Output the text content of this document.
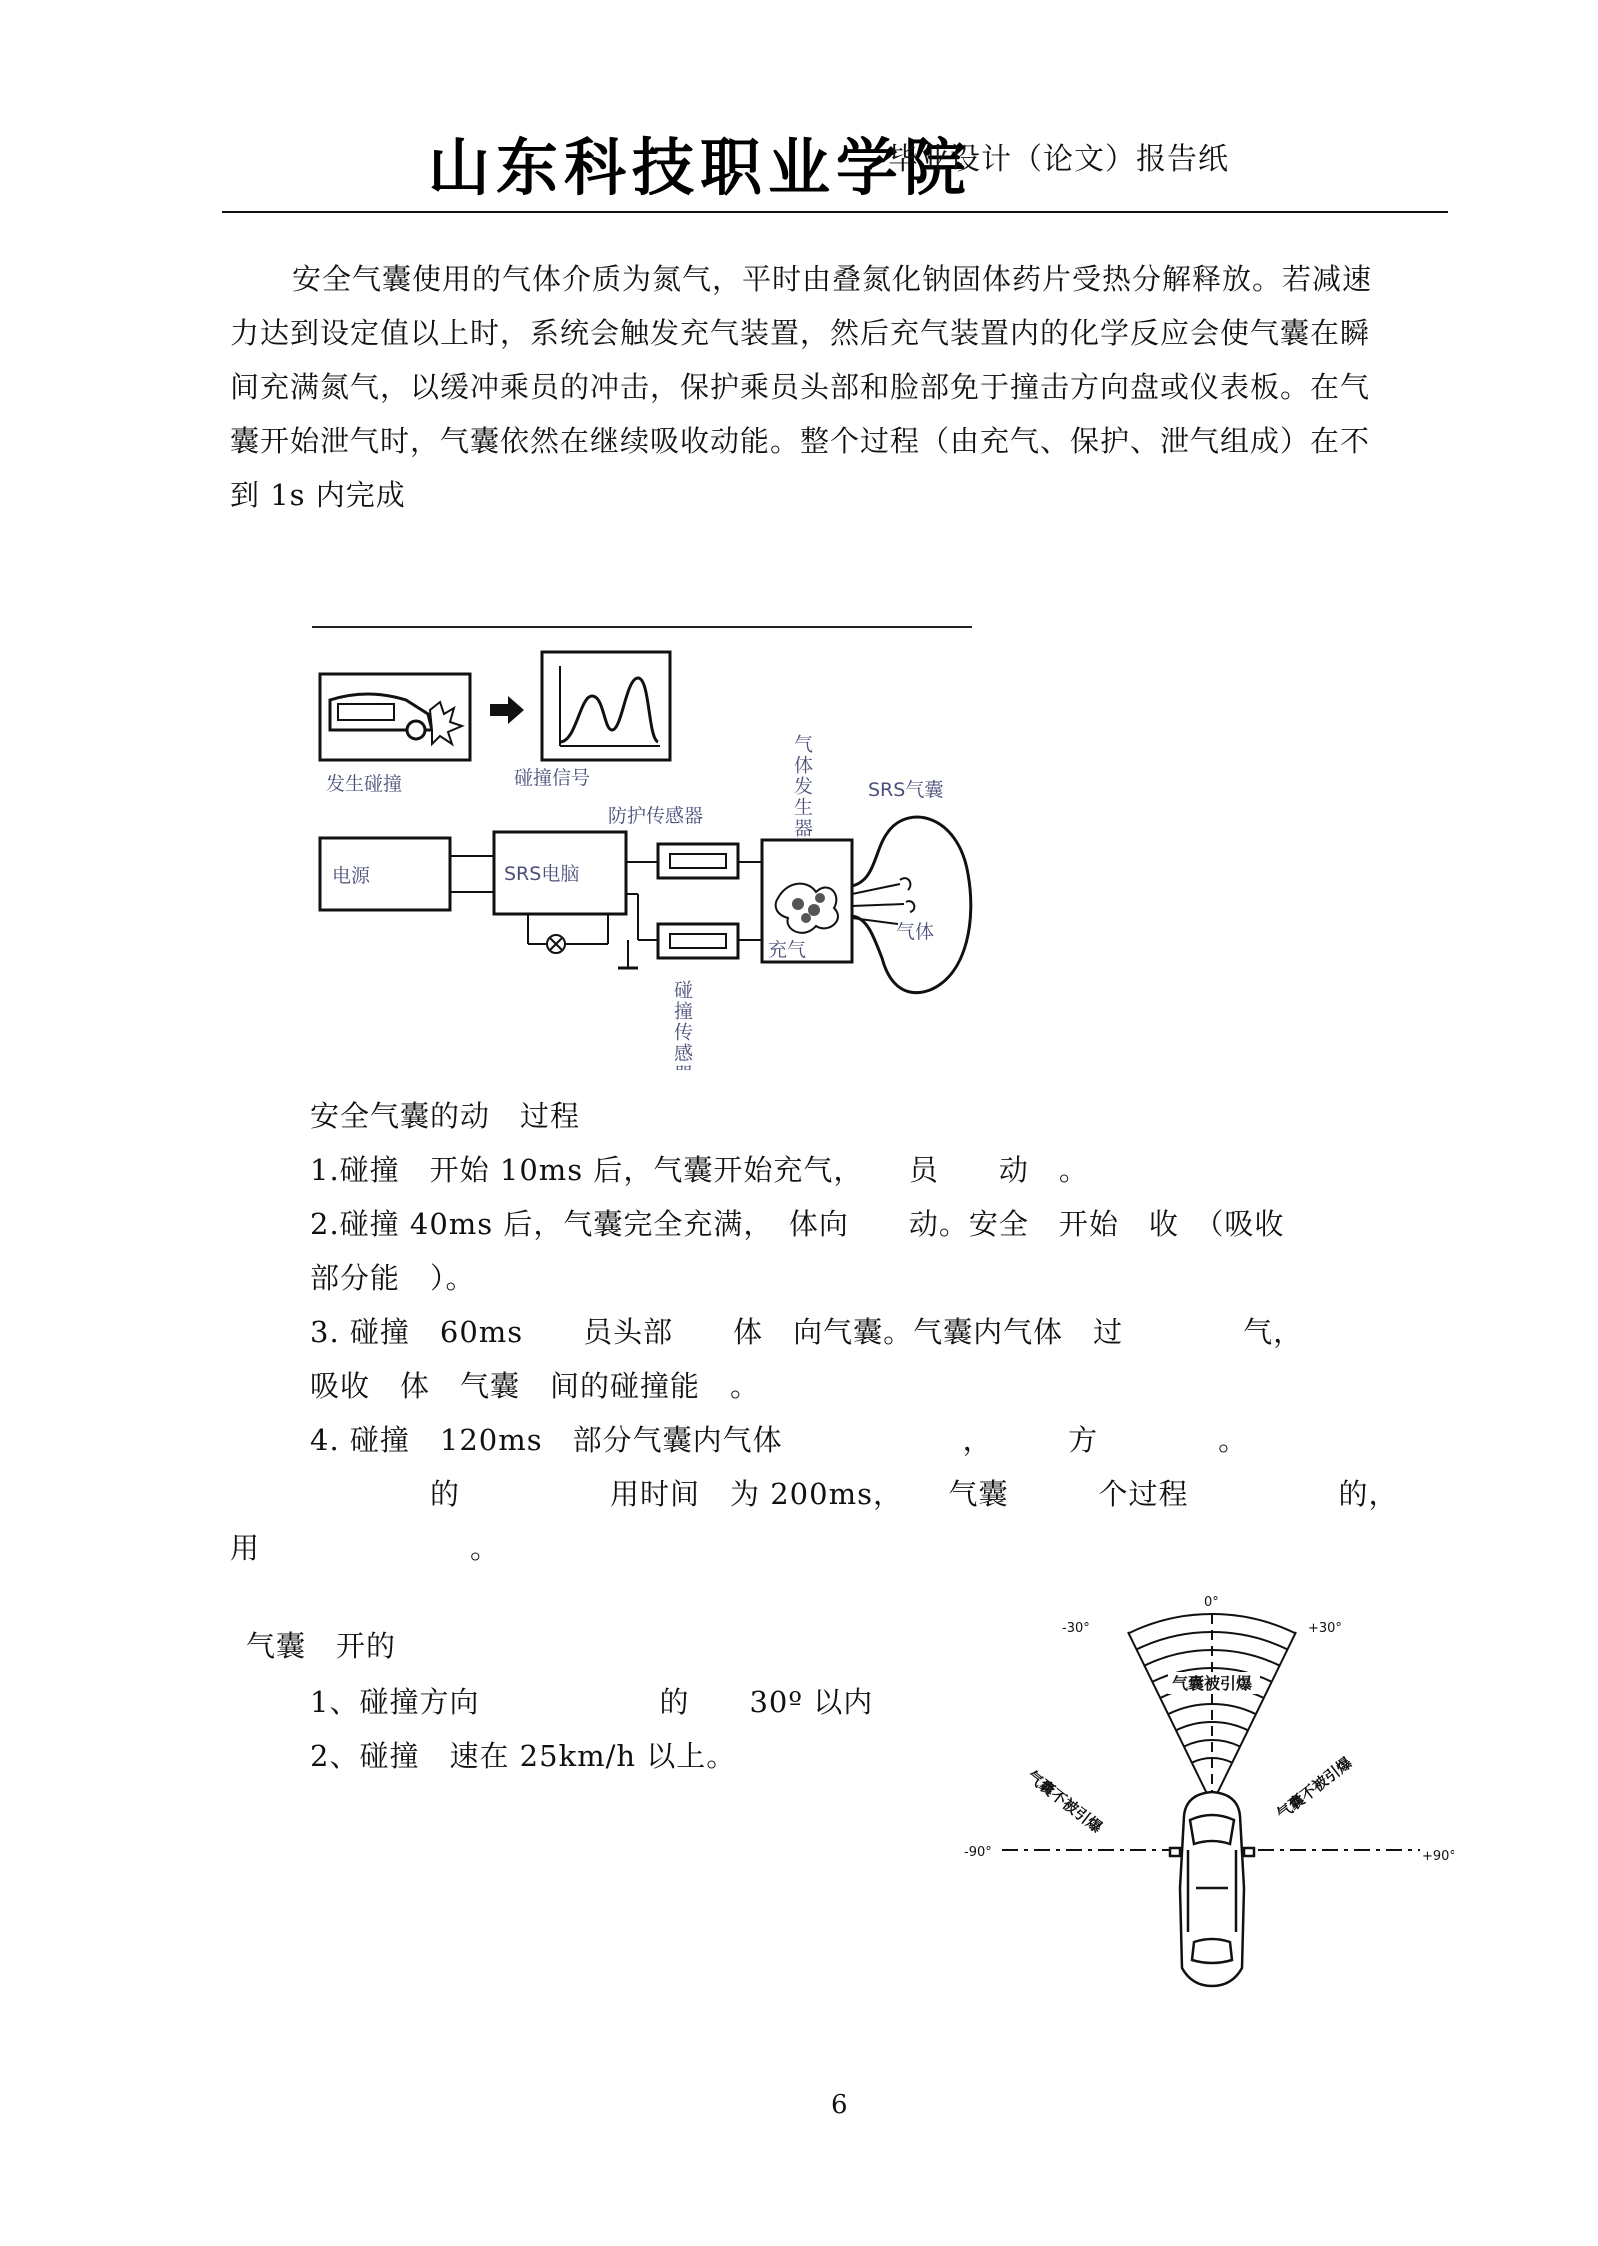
山东科技职业学院
毕业设计（论文）报告纸
安全气囊使用的气体介质为氮气，平时由叠氮化钠固体药片受热分解释放。若减速
力达到设定值以上时，系统会触发充气装置，然后充气装置内的化学反应会使气囊在瞬
间充满氮气，以缓冲乘员的冲击，保护乘员头部和脸部免于撞击方向盘或仪表板。在气
囊开始泄气时，气囊依然在继续吸收动能。整个过程（由充气、保护、泄气组成）在不
到 1s 内完成
发生碰撞	碰撞信号
防护传感器	气体发生器	SRS气囊
电源	SRS电脑
充气
气体
碰撞传感器
安全气囊的动　过程
1.碰撞　开始 10ms 后，气囊开始充气，　　员　　动　。
2.碰撞 40ms 后，气囊完全充满，　体向　　动。安全　开始　收　（吸收
部分能　）。
3. 碰撞　60ms　　员头部　　体　向气囊。气囊内气体　过　　　　气，
吸收　体　气囊　间的碰撞能　。
4. 碰撞　120ms　部分气囊内气体　　　　　　，　　　方　　　　。
　　　　的　　　　　用时间　为 200ms，　　气囊　　　个过程　　　　　的，
用　　　　　　　。
气囊　开的
1、碰撞方向　　　　　　的　　30º 以内
2、碰撞　速在 25km/h 以上。
0°
-30°	+30°
-90°	+90°
气囊被引爆
气囊不被引爆	气囊不被引爆
6
